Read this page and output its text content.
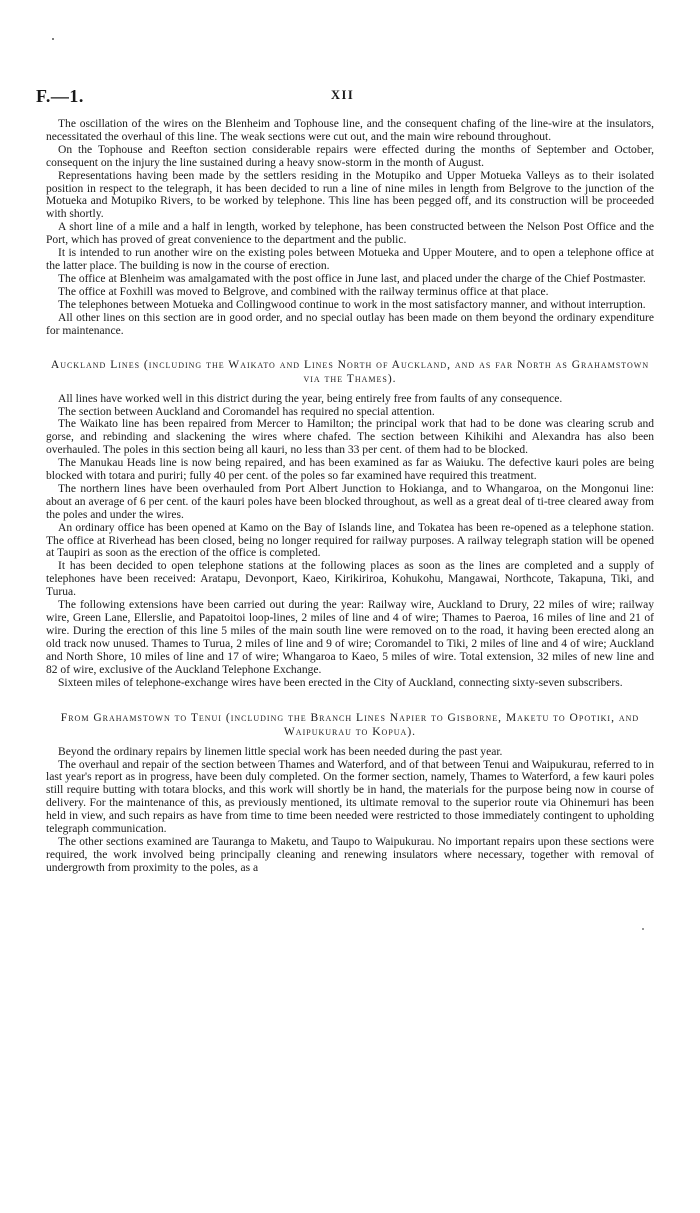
F.—1.	XII

The oscillation of the wires on the Blenheim and Tophouse line, and the consequent chafing of the line-wire at the insulators, necessitated the overhaul of this line. The weak sections were cut out, and the main wire rebound throughout.

On the Tophouse and Reefton section considerable repairs were effected during the months of September and October, consequent on the injury the line sustained during a heavy snow-storm in the month of August.

Representations having been made by the settlers residing in the Motupiko and Upper Motueka Valleys as to their isolated position in respect to the telegraph, it has been decided to run a line of nine miles in length from Belgrove to the junction of the Motueka and Motupiko Rivers, to be worked by telephone. This line has been pegged off, and its construction will be proceeded with shortly.

A short line of a mile and a half in length, worked by telephone, has been constructed between the Nelson Post Office and the Port, which has proved of great convenience to the department and the public.

It is intended to run another wire on the existing poles between Motueka and Upper Moutere, and to open a telephone office at the latter place. The building is now in the course of erection.

The office at Blenheim was amalgamated with the post office in June last, and placed under the charge of the Chief Postmaster.

The office at Foxhill was moved to Belgrove, and combined with the railway terminus office at that place.

The telephones between Motueka and Collingwood continue to work in the most satisfactory manner, and without interruption.

All other lines on this section are in good order, and no special outlay has been made on them beyond the ordinary expenditure for maintenance.

Auckland Lines (including the Waikato and Lines North of Auckland, and as far North as Grahamstown via the Thames).

All lines have worked well in this district during the year, being entirely free from faults of any consequence.

The section between Auckland and Coromandel has required no special attention.

The Waikato line has been repaired from Mercer to Hamilton; the principal work that had to be done was clearing scrub and gorse, and rebinding and slackening the wires where chafed. The section between Kihikihi and Alexandra has also been overhauled. The poles in this section being all kauri, no less than 33 per cent. of them had to be blocked.

The Manukau Heads line is now being repaired, and has been examined as far as Waiuku. The defective kauri poles are being blocked with totara and puriri; fully 40 per cent. of the poles so far examined have required this treatment.

The northern lines have been overhauled from Port Albert Junction to Hokianga, and to Whangaroa, on the Mongonui line: about an average of 6 per cent. of the kauri poles have been blocked throughout, as well as a great deal of ti-tree cleared away from the poles and under the wires.

An ordinary office has been opened at Kamo on the Bay of Islands line, and Tokatea has been re-opened as a telephone station. The office at Riverhead has been closed, being no longer required for railway purposes. A railway telegraph station will be opened at Taupiri as soon as the erection of the office is completed.

It has been decided to open telephone stations at the following places as soon as the lines are completed and a supply of telephones have been received: Aratapu, Devonport, Kaeo, Kirikiriroa, Kohukohu, Mangawai, Northcote, Takapuna, Tiki, and Turua.

The following extensions have been carried out during the year: Railway wire, Auckland to Drury, 22 miles of wire; railway wire, Green Lane, Ellerslie, and Papatoitoi loop-lines, 2 miles of line and 4 of wire; Thames to Paeroa, 16 miles of line and 21 of wire. During the erection of this line 5 miles of the main south line were removed on to the road, it having been erected along an old track now unused. Thames to Turua, 2 miles of line and 9 of wire; Coromandel to Tiki, 2 miles of line and 4 of wire; Auckland and North Shore, 10 miles of line and 17 of wire; Whangaroa to Kaeo, 5 miles of wire. Total extension, 32 miles of new line and 82 of wire, exclusive of the Auckland Telephone Exchange.

Sixteen miles of telephone-exchange wires have been erected in the City of Auckland, connecting sixty-seven subscribers.

From Grahamstown to Tenui (including the Branch Lines Napier to Gisborne, Maketu to Opotiki, and Waipukurau to Kopua).

Beyond the ordinary repairs by linemen little special work has been needed during the past year.

The overhaul and repair of the section between Thames and Waterford, and of that between Tenui and Waipukurau, referred to in last year's report as in progress, have been duly completed. On the former section, namely, Thames to Waterford, a few kauri poles still require butting with totara blocks, and this work will shortly be in hand, the materials for the purpose being now in course of delivery. For the maintenance of this, as previously mentioned, its ultimate removal to the superior route via Ohinemuri has been held in view, and such repairs as have from time to time been needed were restricted to those immediately contingent to upholding telegraph communication.

The other sections examined are Tauranga to Maketu, and Taupo to Waipukurau. No important repairs upon these sections were required, the work involved being principally cleaning and renewing insulators where necessary, together with removal of undergrowth from proximity to the poles, as a
